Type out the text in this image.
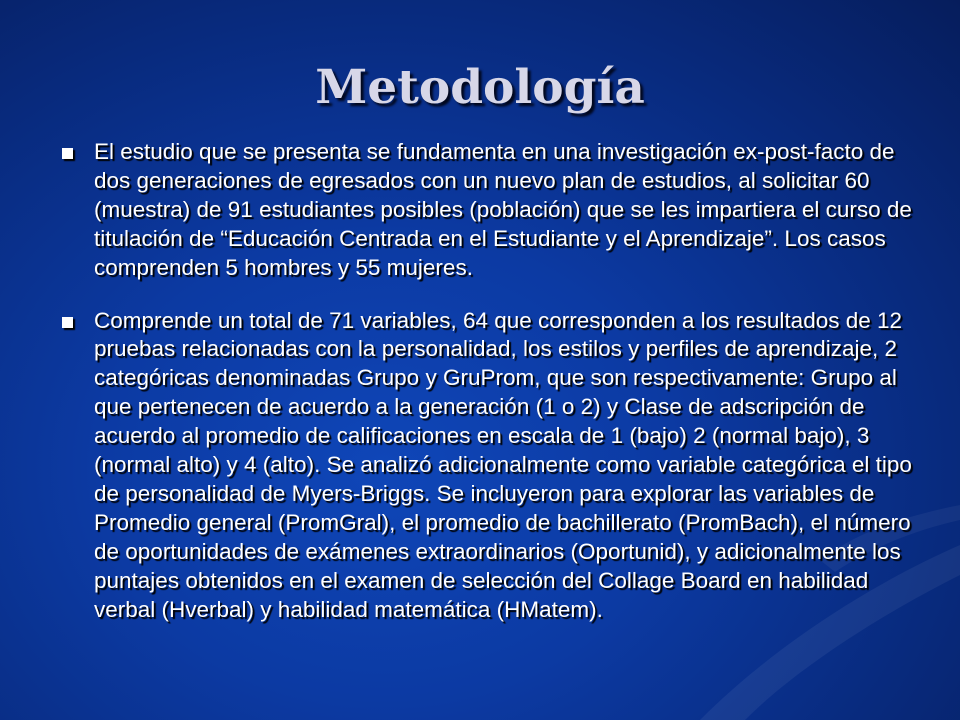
Metodología
El estudio que se presenta se fundamenta en una investigación ex-post-facto de dos generaciones de egresados con un nuevo plan de estudios, al solicitar 60 (muestra) de 91 estudiantes posibles (población) que se les impartiera el curso de titulación de “Educación Centrada en el Estudiante y el Aprendizaje”. Los casos comprenden 5 hombres y 55 mujeres.
Comprende un total de 71 variables, 64 que corresponden a los resultados de 12 pruebas relacionadas con la personalidad, los estilos y perfiles de aprendizaje, 2 categóricas denominadas Grupo y GruProm, que son respectivamente: Grupo al que pertenecen de acuerdo a la generación (1 o 2) y Clase de adscripción de acuerdo al promedio de calificaciones en escala de 1 (bajo) 2 (normal bajo), 3 (normal alto) y 4 (alto). Se analizó adicionalmente como variable categórica el tipo de personalidad de Myers-Briggs. Se incluyeron para explorar las variables de Promedio general (PromGral), el promedio de bachillerato (PromBach), el número de oportunidades de exámenes extraordinarios (Oportunid), y adicionalmente los puntajes obtenidos en el examen de selección del Collage Board en habilidad verbal (Hverbal) y habilidad matemática (HMatem).
